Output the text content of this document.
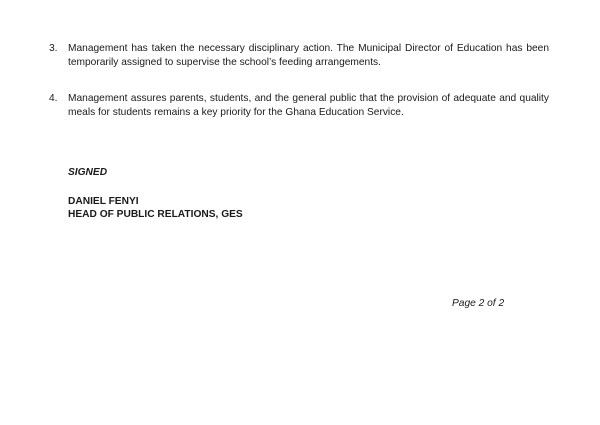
3.	Management has taken the necessary disciplinary action. The Municipal Director of Education has been temporarily assigned to supervise the school’s feeding arrangements.
4.	Management assures parents, students, and the general public that the provision of adequate and quality meals for students remains a key priority for the Ghana Education Service.
SIGNED
DANIEL FENYI
HEAD OF PUBLIC RELATIONS, GES
Page 2 of 2
